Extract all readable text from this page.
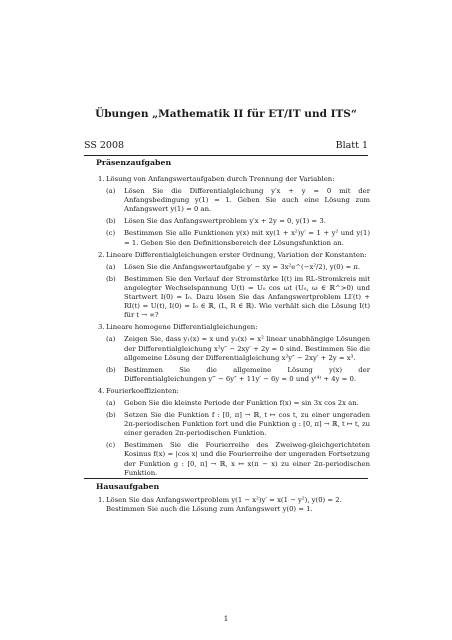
Übungen „Mathematik II für ET/IT und ITS“
SS 2008	Blatt 1
Präsenzaufgaben
1. Lösung von Anfangswertaufgaben durch Trennung der Variablen:
(a) Lösen Sie die Differentialgleichung y′x + y = 0 mit der Anfangsbedingung y(1) = 1. Geben Sie auch eine Lösung zum Anfangswert y(1) = 0 an.
(b) Lösen Sie das Anfangswertproblem y′x + 2y = 0, y(1) = 3.
(c) Bestimmen Sie alle Funktionen y(x) mit xy(1 + x²)y′ = 1 + y² und y(1) = 1. Geben Sie den Definitionsbereich der Lösungsfunktion an.
2. Lineare Differentialgleichungen erster Ordnung, Variation der Konstanten:
(a) Lösen Sie die Anfangswertaufgabe y′ − xy = 3x²e^(−x²/2), y(0) = π.
(b) Bestimmen Sie den Verlauf der Stromstärke I(t) im RL-Stromkreis mit angelegter Wechselspannung U(t) = U₀ cos ωt (U₀, ω ∈ ℝ^>0) und Startwert I(0) = I₀. Dazu lösen Sie das Anfangswertproblem LI′(t) + RI(t) = U(t), I(0) = I₀ ∈ ℝ, (L, R ∈ ℝ). Wie verhält sich die Lösung I(t) für t → ∞?
3. Lineare homogene Differentialgleichungen:
(a) Zeigen Sie, dass y₁(x) = x und y₂(x) = x² linear unabhängige Lösungen der Differentialgleichung x²y″ − 2xy′ + 2y = 0 sind. Bestimmen Sie die allgemeine Lösung der Differentialgleichung x²y″ − 2xy′ + 2y = x³.
(b) Bestimmen Sie die allgemeine Lösung y(x) der Differentialgleichungen y‴ − 6y″ + 11y′ − 6y = 0 und y⁽⁴⁾ + 4y = 0.
4. Fourierkoeffizienten:
(a) Geben Sie die kleinste Periode der Funktion f(x) = sin 3x cos 2x an.
(b) Setzen Sie die Funktion f : [0, π] → ℝ, t ↦ cos t, zu einer ungeraden 2π-periodischen Funktion fort und die Funktion g : [0, π] → ℝ, t ↦ t, zu einer geraden 2π-periodischen Funktion.
(c) Bestimmen Sie die Fourierreihe des Zweiweg-gleichgerichteten Kosinus f(x) = |cos x| und die Fourierreihe der ungeraden Fortsetzung der Funktion g : [0, π] → ℝ, x ↦ x(π − x) zu einer 2π-periodischen Funktion.
Hausaufgaben
1. Lösen Sie das Anfangswertproblem y(1 − x²)y′ = x(1 − y²), y(0) = 2. Bestimmen Sie auch die Lösung zum Anfangswert y(0) = 1.
1
